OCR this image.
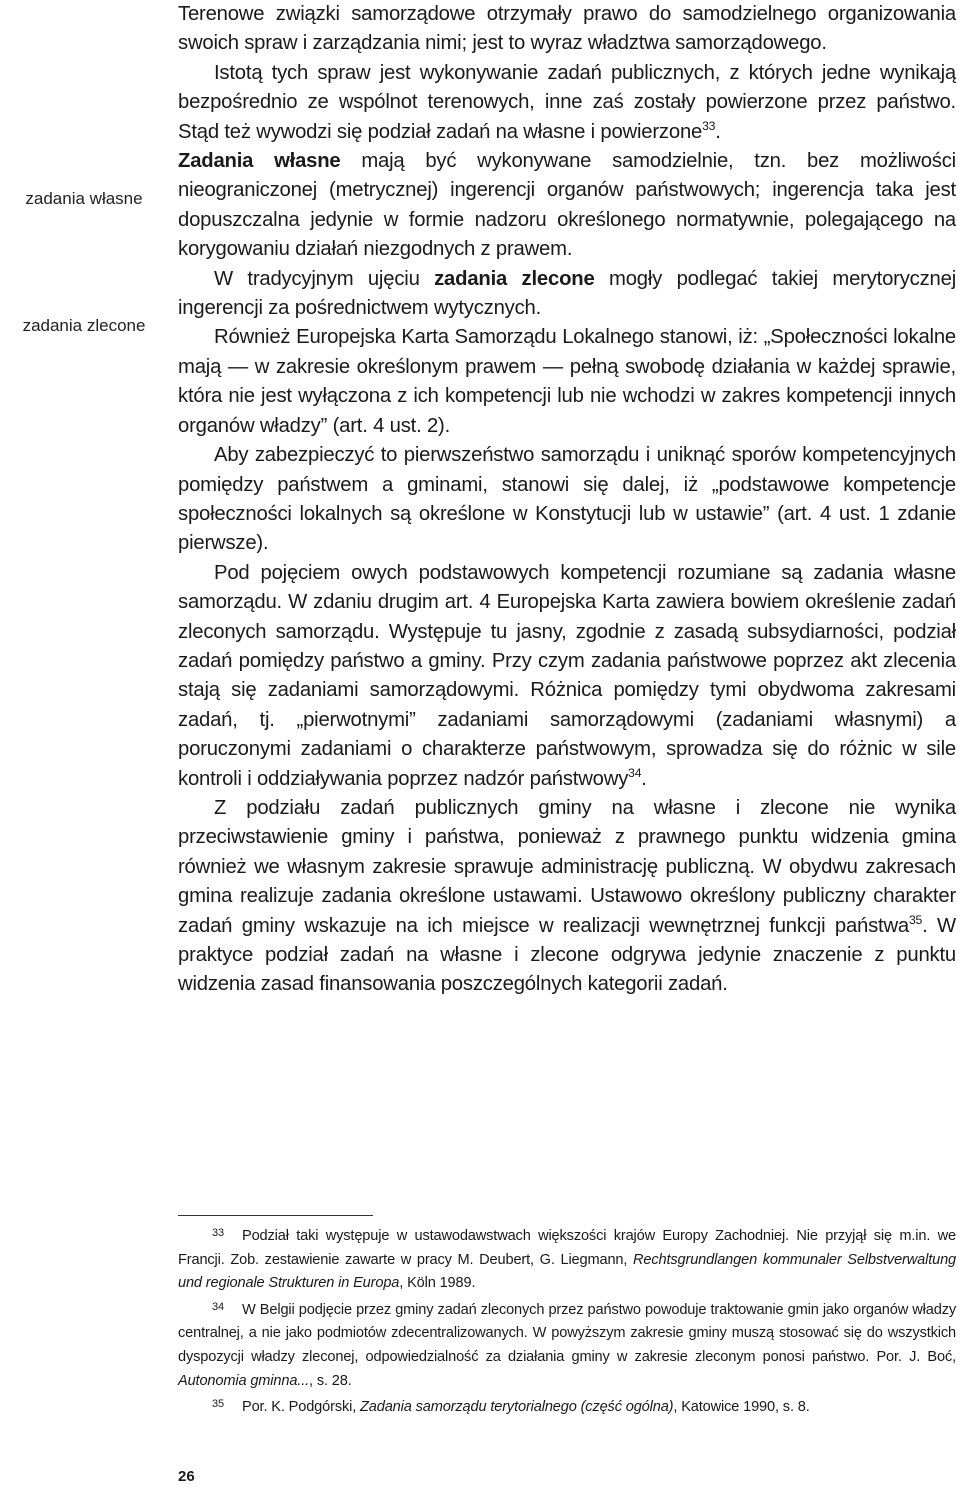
zadania własne
zadania zlecone

Terenowe związki samorządowe otrzymały prawo do samodzielnego organizowania swoich spraw i zarządzania nimi; jest to wyraz władztwa samorządowego.

Istotą tych spraw jest wykonywanie zadań publicznych, z których jedne wynikają bezpośrednio ze wspólnot terenowych, inne zaś zostały powierzone przez państwo. Stąd też wywodzi się podział zadań na własne i powierzone$^{33}$.

Zadania własne mają być wykonywane samodzielnie, tzn. bez możliwości nieograniczonej (metrycznej) ingerencji organów państwowych; ingerencja taka jest dopuszczalna jedynie w formie nadzoru określonego normatywnie, polegającego na korygowaniu działań niezgodnych z prawem.

W tradycyjnym ujęciu zadania zlecone mogły podlegać takiej merytorycznej ingerencji za pośrednictwem wytycznych.

Również Europejska Karta Samorządu Lokalnego stanowi, iż: „Społeczności lokalne mają — w zakresie określonym prawem — pełną swobodę działania w każdej sprawie, która nie jest wyłączona z ich kompetencji lub nie wchodzi w zakres kompetencji innych organów władzy” (art. 4 ust. 2).

Aby zabezpieczyć to pierwszeństwo samorządu i uniknąć sporów kompetencyjnych pomiędzy państwem a gminami, stanowi się dalej, iż „podstawowe kompetencje społeczności lokalnych są określone w Konstytucji lub w ustawie” (art. 4 ust. 1 zdanie pierwsze).

Pod pojęciem owych podstawowych kompetencji rozumiane są zadania własne samorządu. W zdaniu drugim art. 4 Europejska Karta zawiera bowiem określenie zadań zleconych samorządu. Występuje tu jasny, zgodnie z zasadą subsydiarności, podział zadań pomiędzy państwo a gminy. Przy czym zadania państwowe poprzez akt zlecenia stają się zadaniami samorządowymi. Różnica pomiędzy tymi obydwoma zakresami zadań, tj. „pierwotnymi” zadaniami samorządowymi (zadaniami własnymi) a poruczonymi zadaniami o charakterze państwowym, sprowadza się do różnic w sile kontroli i oddziaływania poprzez nadzór państwowy$^{34}$.

Z podziału zadań publicznych gminy na własne i zlecone nie wynika przeciwstawienie gminy i państwa, ponieważ z prawnego punktu widzenia gmina również we własnym zakresie sprawuje administrację publiczną. W obydwu zakresach gmina realizuje zadania określone ustawami. Ustawowo określony publiczny charakter zadań gminy wskazuje na ich miejsce w realizacji wewnętrznej funkcji państwa$^{35}$. W praktyce podział zadań na własne i zlecone odgrywa jedynie znaczenie z punktu widzenia zasad finansowania poszczególnych kategorii zadań.

33 Podział taki występuje w ustawodawstwach większości krajów Europy Zachodniej. Nie przyjął się m.in. we Francji. Zob. zestawienie zawarte w pracy M. Deubert, G. Liegmann, Rechtsgrundlangen kommunaler Selbstverwaltung und regionale Strukturen in Europa, Köln 1989.

34 W Belgii podjęcie przez gminy zadań zleconych przez państwo powoduje traktowanie gmin jako organów władzy centralnej, a nie jako podmiotów zdecentralizowanych. W powyższym zakresie gminy muszą stosować się do wszystkich dyspozycji władzy zleconej, odpowiedzialność za działania gminy w zakresie zleconym ponosi państwo. Por. J. Boć, Autonomia gminna..., s. 28.

35 Por. K. Podgórski, Zadania samorządu terytorialnego (część ogólna), Katowice 1990, s. 8.

26
